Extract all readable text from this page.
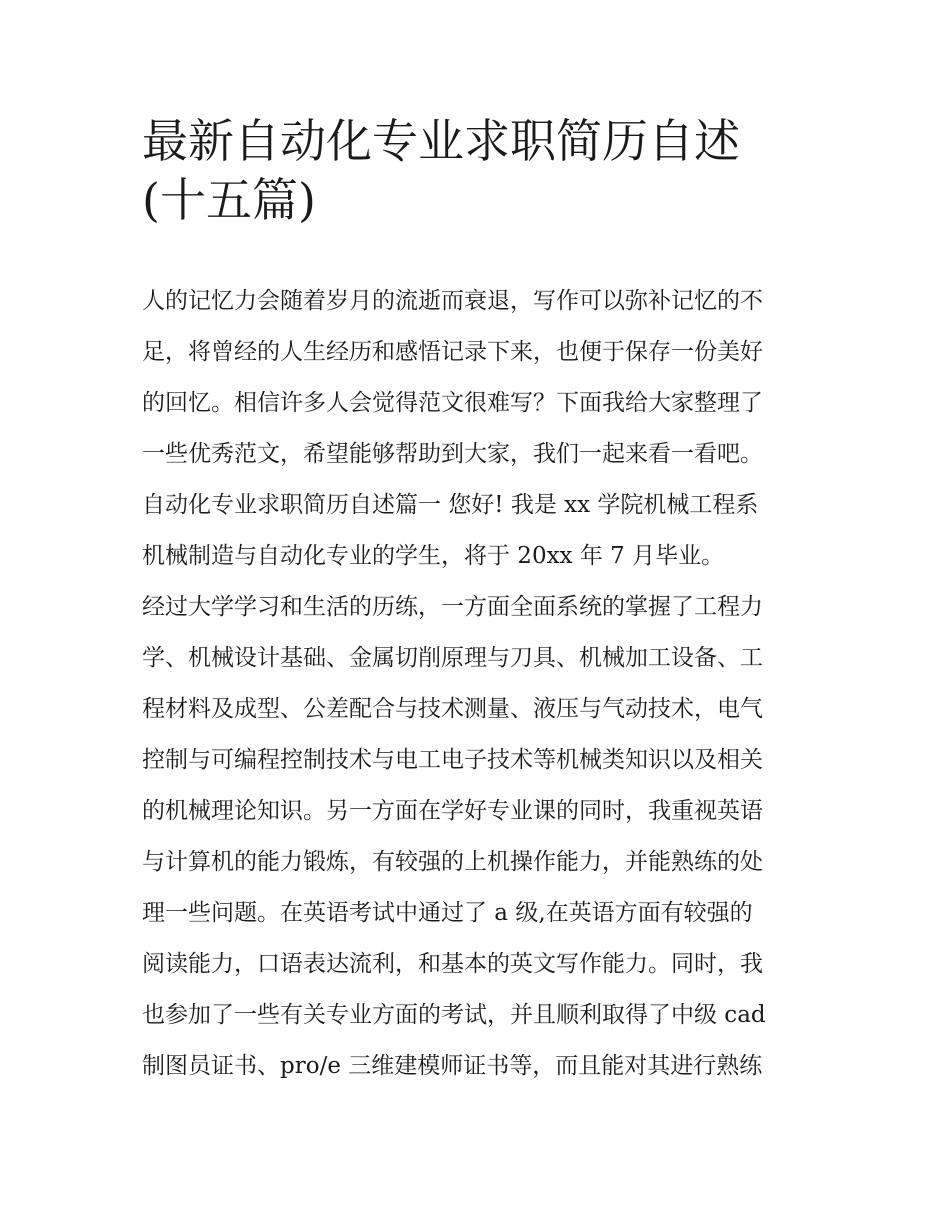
最新自动化专业求职简历自述
(十五篇)
人的记忆力会随着岁月的流逝而衰退，写作可以弥补记忆的不
足，将曾经的人生经历和感悟记录下来，也便于保存一份美好
的回忆。相信许多人会觉得范文很难写？下面我给大家整理了
一些优秀范文，希望能够帮助到大家，我们一起来看一看吧。
自动化专业求职简历自述篇一 您好! 我是 xx 学院机械工程系
机械制造与自动化专业的学生，将于 20xx 年 7 月毕业。
经过大学学习和生活的历练，一方面全面系统的掌握了工程力
学、机械设计基础、金属切削原理与刀具、机械加工设备、工
程材料及成型、公差配合与技术测量、液压与气动技术，电气
控制与可编程控制技术与电工电子技术等机械类知识以及相关
的机械理论知识。另一方面在学好专业课的同时，我重视英语
与计算机的能力锻炼，有较强的上机操作能力，并能熟练的处
理一些问题。在英语考试中通过了 a 级,在英语方面有较强的
阅读能力，口语表达流利，和基本的英文写作能力。同时，我
也参加了一些有关专业方面的考试，并且顺利取得了中级 cad
制图员证书、pro/e 三维建模师证书等，而且能对其进行熟练
